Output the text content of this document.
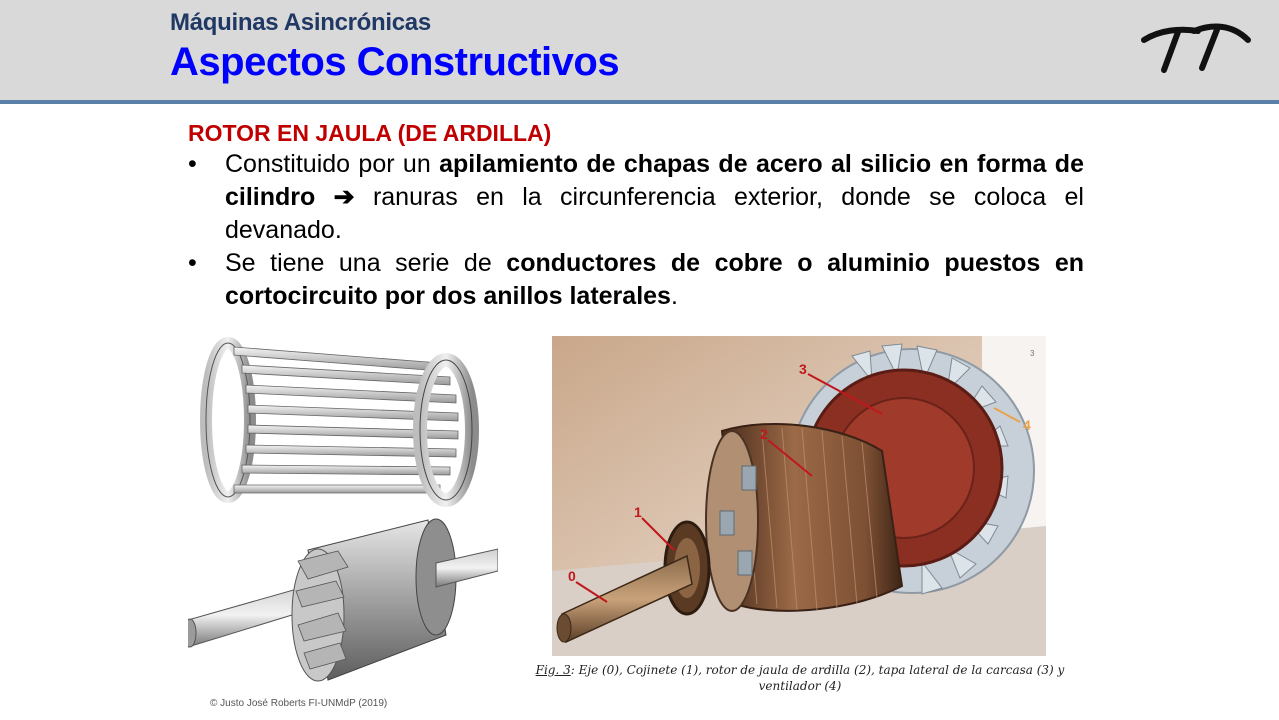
Máquinas Asincrónicas
Aspectos Constructivos
ROTOR EN JAULA (DE ARDILLA)
• Constituido por un apilamiento de chapas de acero al silicio en forma de cilindro ➔ ranuras en la circunferencia exterior, donde se coloca el devanado.
• Se tiene una serie de conductores de cobre o aluminio puestos en cortocircuito por dos anillos laterales.
0
1
2
3
4
3
Fig. 3: Eje (0), Cojinete (1), rotor de jaula de ardilla (2), tapa lateral de la carcasa (3) y ventilador (4)
© Justo José Roberts FI-UNMdP (2019)
